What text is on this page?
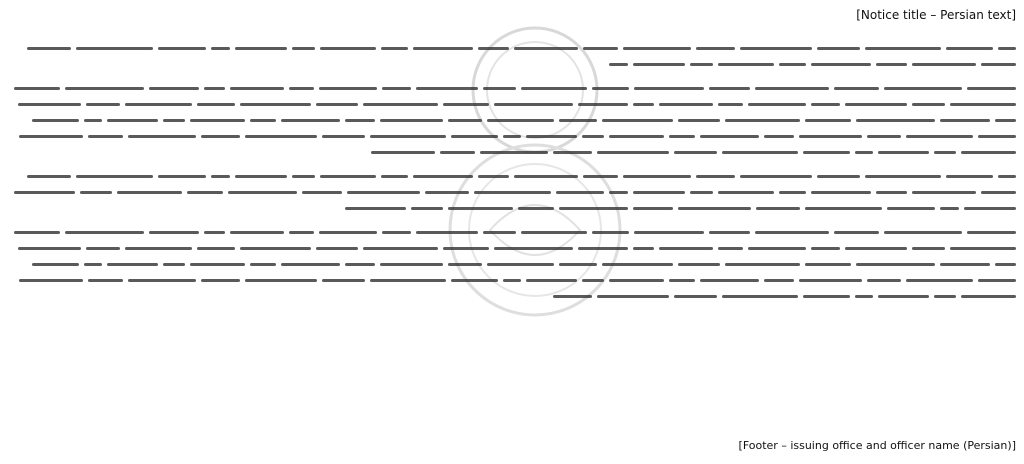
[Notice title – Persian text]
[Footer – issuing office and officer name (Persian)]
